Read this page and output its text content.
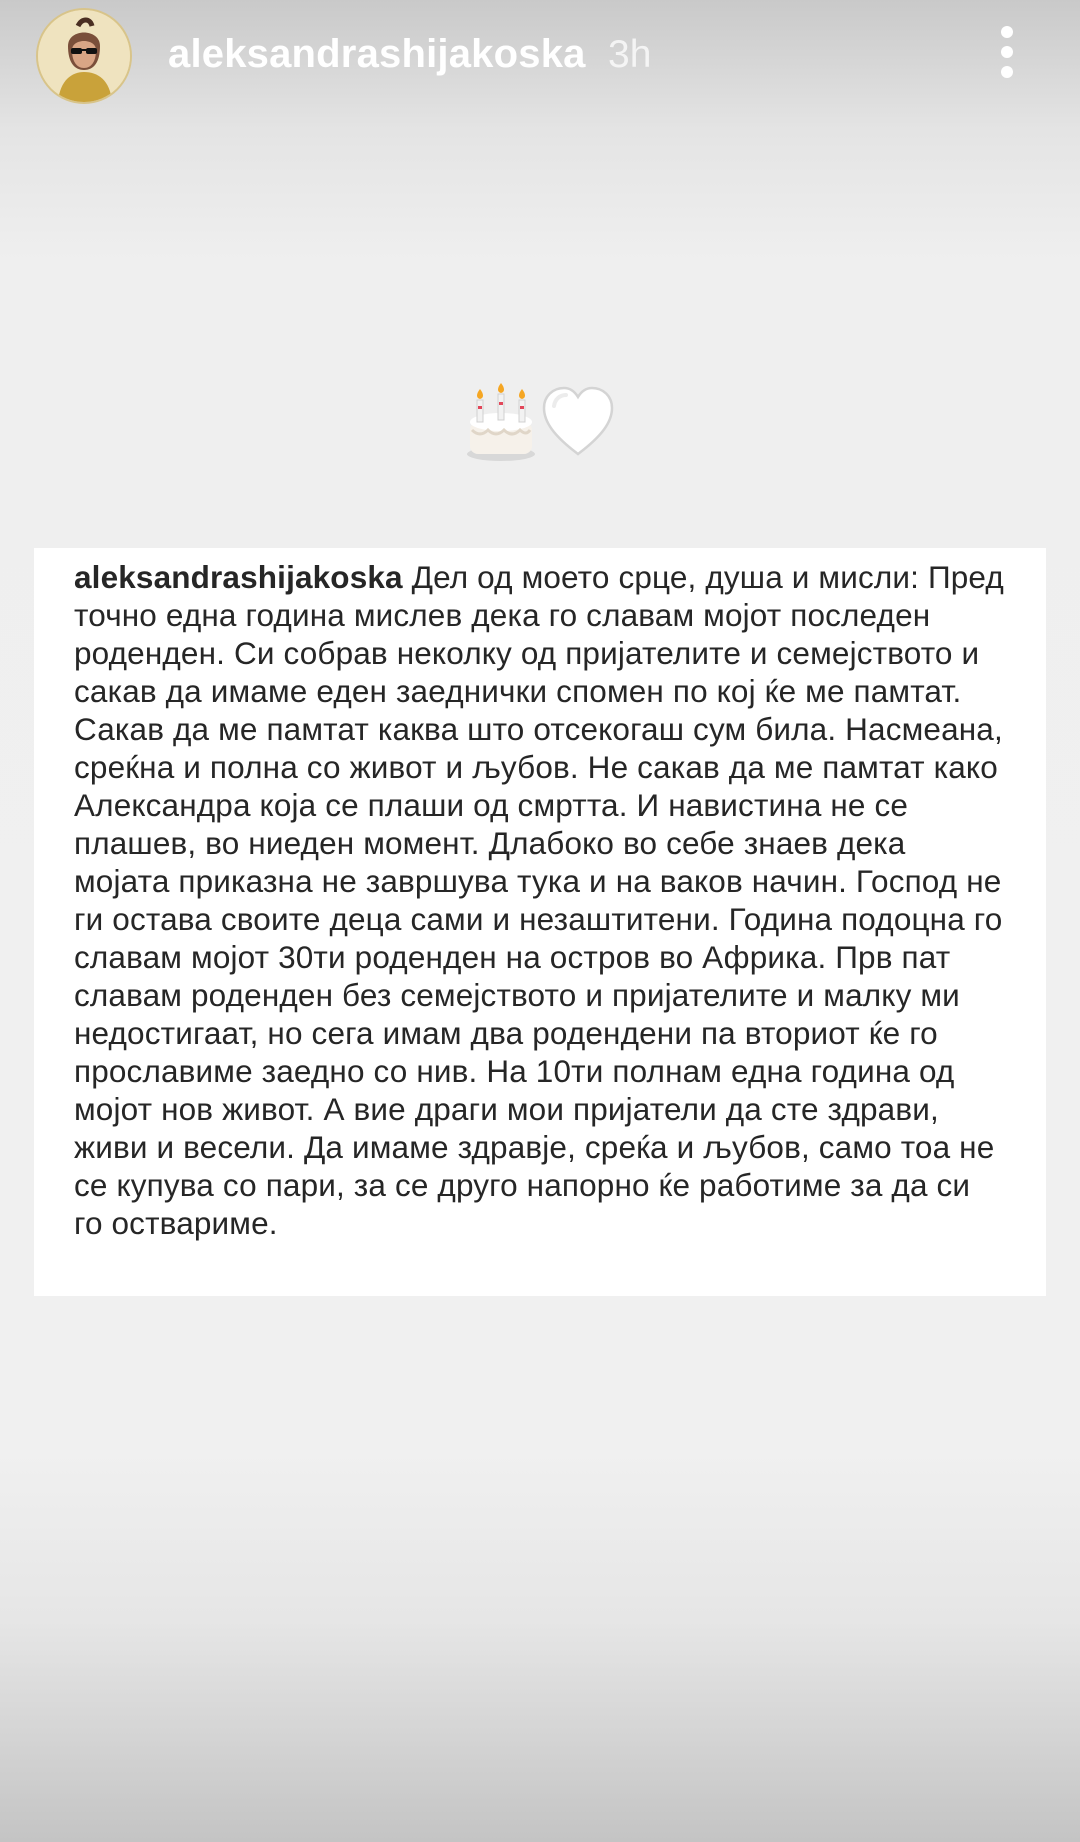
aleksandrashijakoska 3h

aleksandrashijakoska Дел од моето срце, душа и мисли: Пред точно една година мислев дека го славам мојот последен роденден. Си собрав неколку од пријателите и семејството и сакав да имаме еден заеднички спомен по кој ќе ме памтат. Сакав да ме памтат каква што отсекогаш сум била. Насмеана, среќна и полна со живот и љубов. Не сакав да ме памтат како Александра која се плаши од смртта. И навистина не се плашев, во ниеден момент. Длабоко во себе знаев дека мојата приказна не завршува тука и на ваков начин. Господ не ги остава своите деца сами и незаштитени. Година подоцна го славам мојот 30ти роденден на остров во Африка. Прв пат славам роденден без семејството и пријателите и малку ми недостигаат, но сега имам два родендени па вториот ќе го прославиме заедно со нив. На 10ти полнам една година од мојот нов живот. А вие драги мои пријатели да сте здрави, живи и весели. Да имаме здравје, среќа и љубов, само тоа не се купува со пари, за се друго напорно ќе работиме за да си го оствариме.
